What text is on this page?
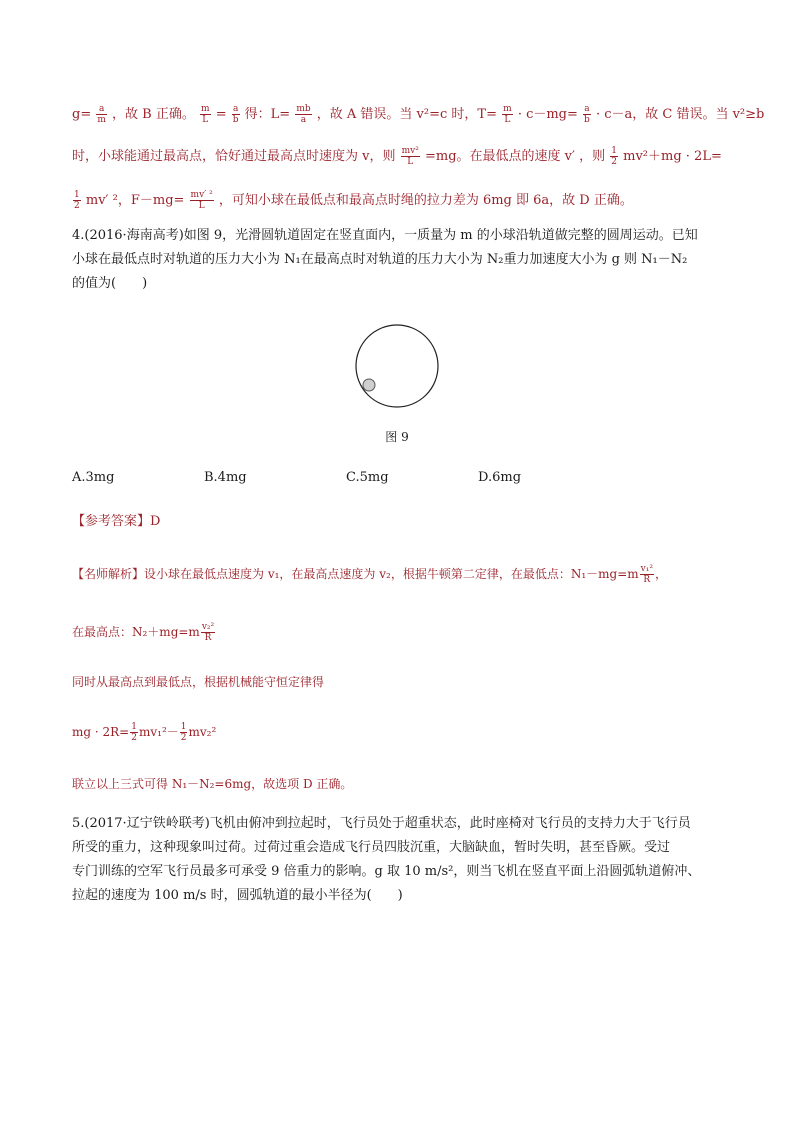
$g= \frac{a}{m}$ ，故 B 正确。 $\frac{m}{L} = \frac{a}{b}$ 得：$L= \frac{mb}{a}$ ，故 A 错误。当 v²=c 时，$T= \frac{m}{L} \cdot c-mg= \frac{a}{b} \cdot c-a$，故 C 错误。当 v²≥b
时，小球能通过最高点，恰好通过最高点时速度为 v，则 $\frac{\text{mv²}}{L} =mg$。在最低点的速度 v′ ，则 $\frac{1}{2} mv^2+mg \cdot 2L=$
$\frac{1}{2} mv'$ ²，$F-mg= \frac{\text{mv′ ²}}{L}$ ，可知小球在最低点和最高点时绳的拉力差为 6mg 即 6a，故 D 正确。
4.(2016·海南高考)如图 9，光滑圆轨道固定在竖直面内，一质量为 m 的小球沿轨道做完整的圆周运动。已知
小球在最低点时对轨道的压力大小为 N₁在最高点时对轨道的压力大小为 N₂重力加速度大小为 g 则 N₁－N₂
的值为(　　)
图 9
A.3mg	B.4mg	C.5mg	D.6mg
【参考答案】D
【名师解析】设小球在最低点速度为 v₁，在最高点速度为 v₂，根据牛顿第二定律，在最低点：$N_1-mg=m \frac{\text{v₁²}}{R}$ ，
在最高点：$N_2+mg=m \frac{\text{v₂²}}{R}$
同时从最高点到最低点，根据机械能守恒定律得
mg · $2R= \frac{1}{2} mv_1^2- \frac{1}{2} mv_2^2$
联立以上三式可得 N₁－N₂=6mg，故选项 D 正确。
5.(2017·辽宁铁岭联考)飞机由俯冲到拉起时，飞行员处于超重状态，此时座椅对飞行员的支持力大于飞行员
所受的重力，这种现象叫过荷。过荷过重会造成飞行员四肢沉重，大脑缺血，暂时失明，甚至昏厥。受过
专门训练的空军飞行员最多可承受 9 倍重力的影响。g 取 10 m/s²，则当飞机在竖直平面上沿圆弧轨道俯冲、
拉起的速度为 100 m/s 时，圆弧轨道的最小半径为(　　)
